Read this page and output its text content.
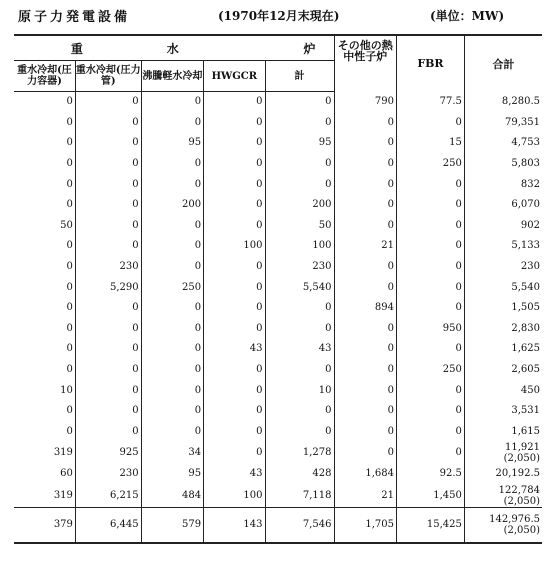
原子力発電設備	(1970年12月末現在)	(単位：MW)
重 水 炉					その他の熱中性子炉	FBR	合計
重水冷却(圧力容器)	重水冷却(圧力管)	沸騰軽水冷却	HWGCR	計			
0	0	0	0	0	790	77.5	8,280.5
0	0	0	0	0	0	0	79,351
0	0	95	0	95	0	15	4,753
0	0	0	0	0	0	250	5,803
0	0	0	0	0	0	0	832
0	0	200	0	200	0	0	6,070
50	0	0	0	50	0	0	902
0	0	0	100	100	21	0	5,133
0	230	0	0	230	0	0	230
0	5,290	250	0	5,540	0	0	5,540
0	0	0	0	0	894	0	1,505
0	0	0	0	0	0	950	2,830
0	0	0	43	43	0	0	1,625
0	0	0	0	0	0	250	2,605
10	0	0	0	10	0	0	450
0	0	0	0	0	0	0	3,531
0	0	0	0	0	0	0	1,615
319	925	34	0	1,278	0	0	11,921
(2,050)

60	230	95	43	428	1,684	92.5	20,192.5
319	6,215	484	100	7,118	21	1,450	122,784
(2,050)

379	6,445	579	143	7,546	1,705	15,425	142,976.5
(2,050)
